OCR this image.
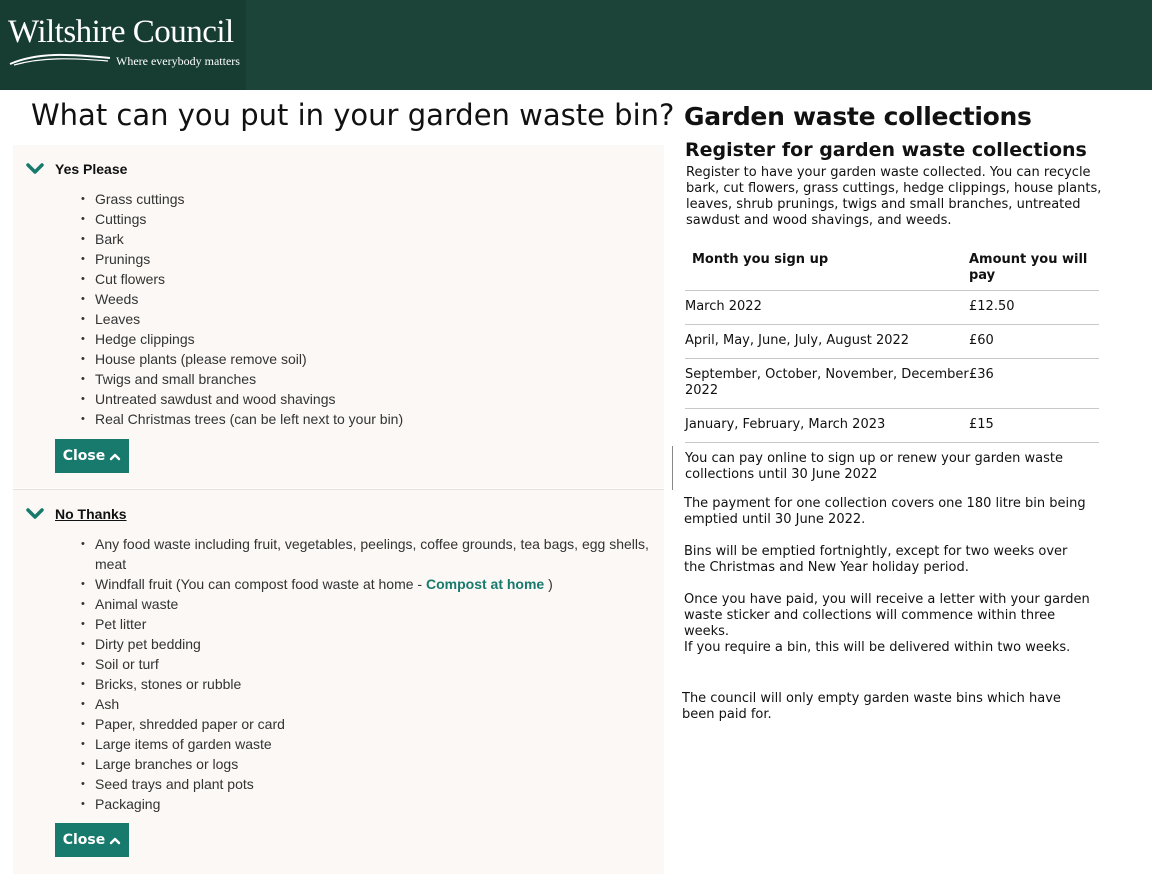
Wiltshire Council
Where everybody matters
What can you put in your garden waste bin?
Yes Please
• Grass cuttings
• Cuttings
• Bark
• Prunings
• Cut flowers
• Weeds
• Leaves
• Hedge clippings
• House plants (please remove soil)
• Twigs and small branches
• Untreated sawdust and wood shavings
• Real Christmas trees (can be left next to your bin)
Close
No Thanks
• Any food waste including fruit, vegetables, peelings, coffee grounds, tea bags, egg shells, meat
• Windfall fruit (You can compost food waste at home - Compost at home )
• Animal waste
• Pet litter
• Dirty pet bedding
• Soil or turf
• Bricks, stones or rubble
• Ash
• Paper, shredded paper or card
• Large items of garden waste
• Large branches or logs
• Seed trays and plant pots
• Packaging
Close
Garden waste collections
Register for garden waste collections

Register to have your garden waste collected. You can recycle bark, cut flowers, grass cuttings, hedge clippings, house plants, leaves, shrub prunings, twigs and small branches, untreated sawdust and wood shavings, and weeds.

Month you sign up	Amount you will pay
March 2022	£12.50
April, May, June, July, August 2022	£60
September, October, November, December 2022	£36
January, February, March 2023	£15

You can pay online to sign up or renew your garden waste collections until 30 June 2022

The payment for one collection covers one 180 litre bin being emptied until 30 June 2022.

Bins will be emptied fortnightly, except for two weeks over the Christmas and New Year holiday period.

Once you have paid, you will receive a letter with your garden waste sticker and collections will commence within three weeks.

If you require a bin, this will be delivered within two weeks.

The council will only empty garden waste bins which have been paid for.
